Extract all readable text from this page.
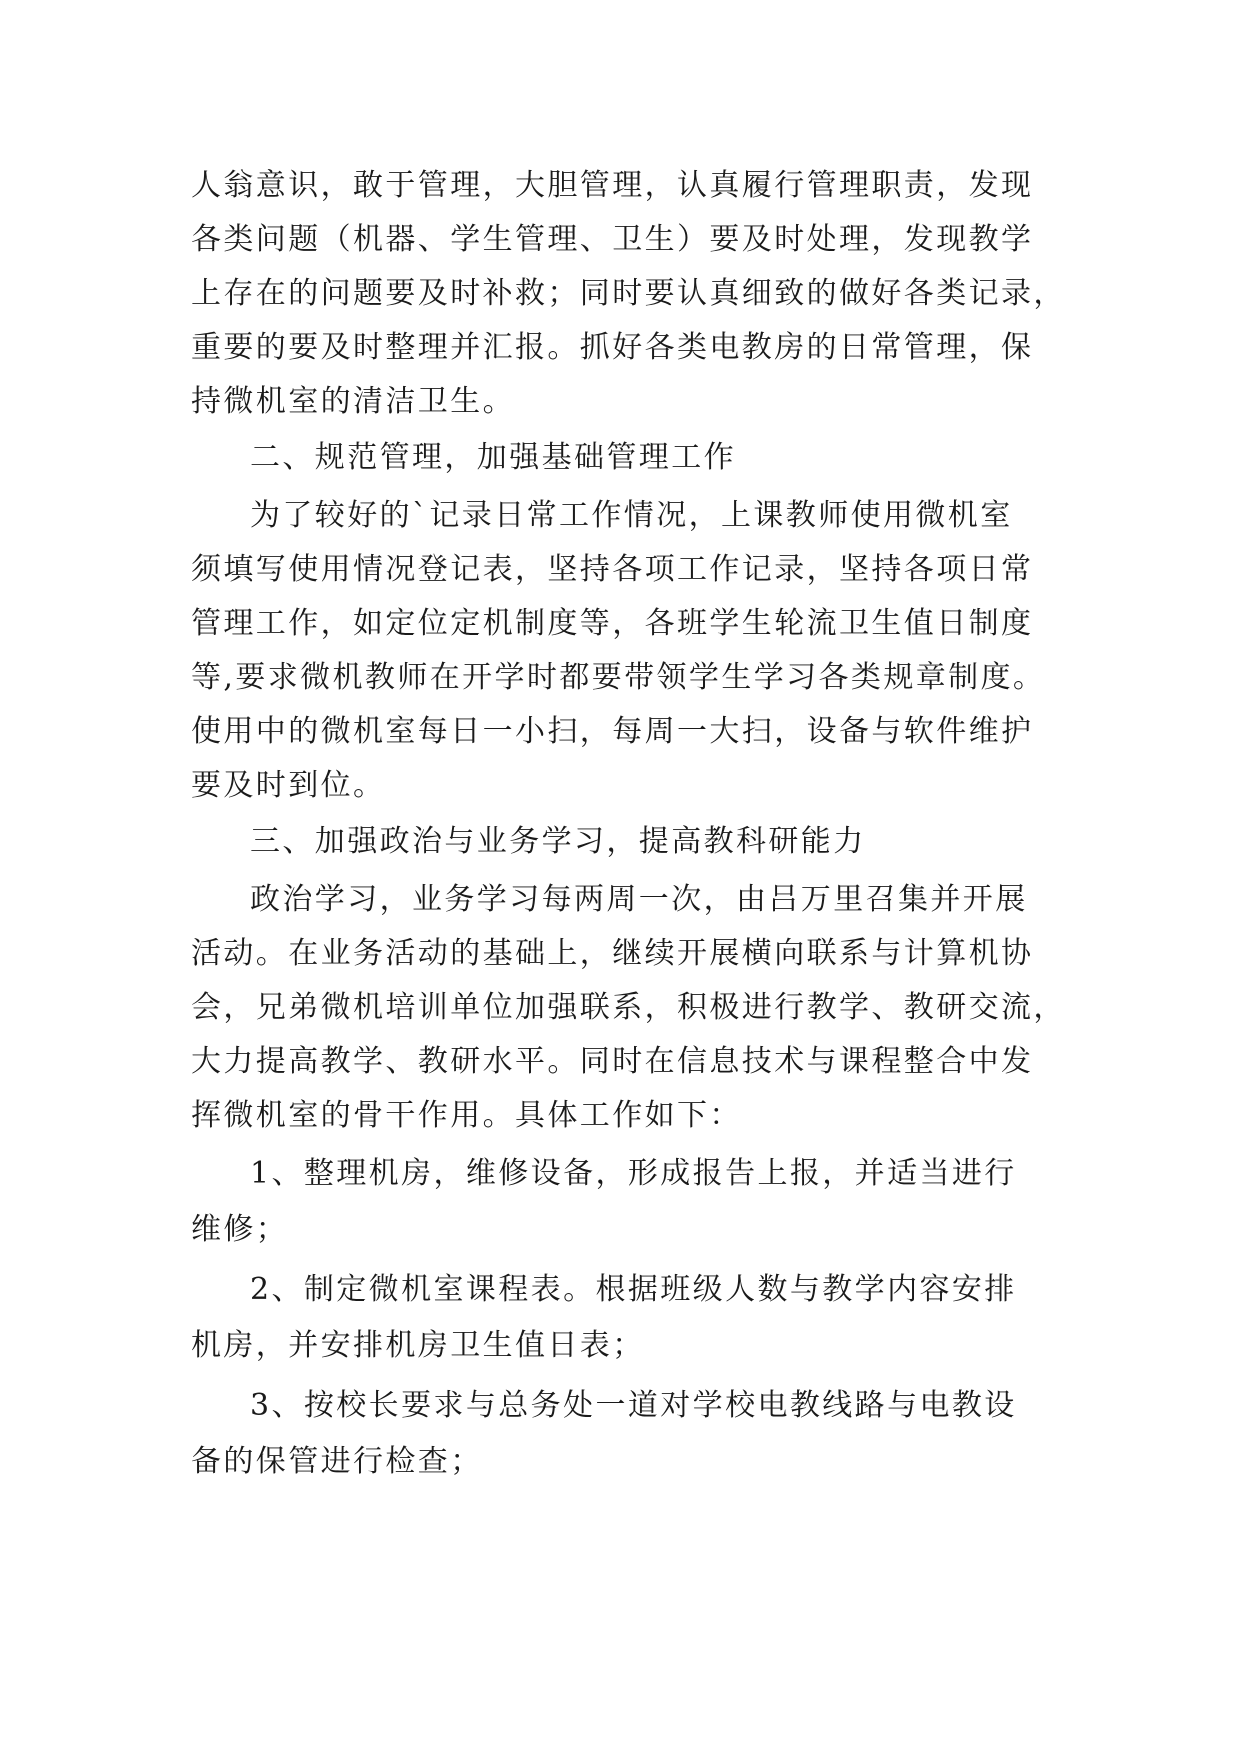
人翁意识，敢于管理，大胆管理，认真履行管理职责，发现
各类问题（机器、学生管理、卫生）要及时处理，发现教学
上存在的问题要及时补救；同时要认真细致的做好各类记录，
重要的要及时整理并汇报。抓好各类电教房的日常管理，保
持微机室的清洁卫生。
二、规范管理，加强基础管理工作
为了较好的`记录日常工作情况，上课教师使用微机室
须填写使用情况登记表，坚持各项工作记录，坚持各项日常
管理工作，如定位定机制度等，各班学生轮流卫生值日制度
等,要求微机教师在开学时都要带领学生学习各类规章制度。
使用中的微机室每日一小扫，每周一大扫，设备与软件维护
要及时到位。
三、加强政治与业务学习，提高教科研能力
政治学习，业务学习每两周一次，由吕万里召集并开展
活动。在业务活动的基础上，继续开展横向联系与计算机协
会，兄弟微机培训单位加强联系，积极进行教学、教研交流，
大力提高教学、教研水平。同时在信息技术与课程整合中发
挥微机室的骨干作用。具体工作如下：
1、整理机房，维修设备，形成报告上报，并适当进行
维修；
2、制定微机室课程表。根据班级人数与教学内容安排
机房，并安排机房卫生值日表；
3、按校长要求与总务处一道对学校电教线路与电教设
备的保管进行检查；
